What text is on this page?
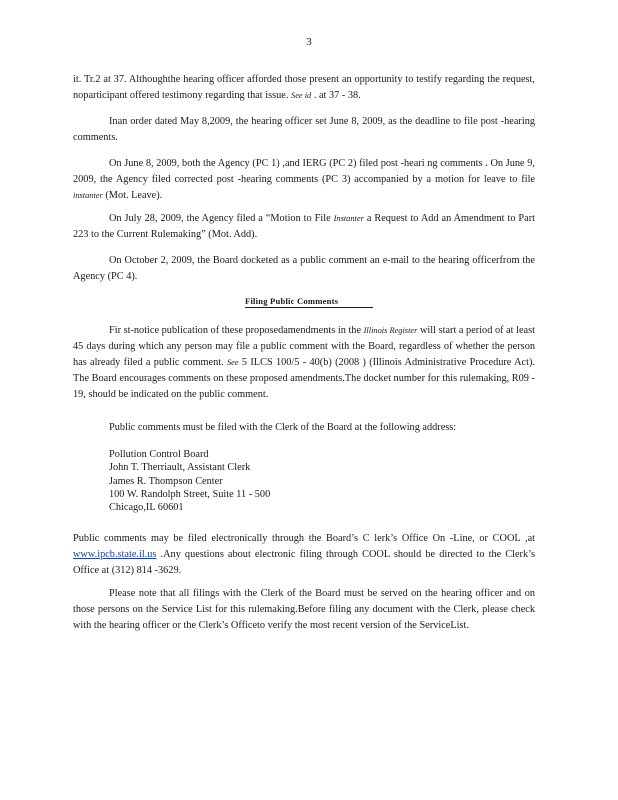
3

it. Tr.2 at 37. Althoughthe hearing officer afforded those present an opportunity to testify regarding the request, noparticipant offered testimony regarding that issue. See id . at 37 - 38.

Inan order dated May 8,2009, the hearing officer set June 8, 2009, as the deadline to file post -hearing comments.

On June 8, 2009, both the Agency (PC 1) ,and IERG (PC 2) filed post -heari ng comments . On June 9, 2009, the Agency filed corrected post -hearing comments (PC 3) accompanied by a motion for leave to file instanter (Mot. Leave).

On July 28, 2009, the Agency filed a “Motion to File Instanter a Request to Add an Amendment to Part 223 to the Current Rulemaking” (Mot. Add).

On October 2, 2009, the Board docketed as a public comment an e-mail to the hearing officerfrom the Agency (PC 4).

Filing Public Comments

Fir st-notice publication of these proposedamendments in the Illinois Register will start a period of at least 45 days during which any person may file a public comment with the Board, regardless of whether the person has already filed a public comment. See 5 ILCS 100/5 - 40(b) (2008 ) (Illinois Administrative Procedure Act). The Board encourages comments on these proposed amendments.The docket number for this rulemaking, R09 - 19, should be indicated on the public comment.

Public comments must be filed with the Clerk of the Board at the following address:

Pollution Control Board
John T. Therriault, Assistant Clerk
James R. Thompson Center
100 W. Randolph Street, Suite 11 - 500
Chicago,IL 60601

Public comments may be filed electronically through the Board’s C lerk’s Office On -Line, or COOL ,at www.ipcb.state.il.us .Any questions about electronic filing through COOL should be directed to the Clerk’s Office at (312) 814 -3629.

Please note that all filings with the Clerk of the Board must be served on the hearing officer and on those persons on the Service List for this rulemaking.Before filing any document with the Clerk, please check with the hearing officer or the Clerk’s Officeto verify the most recent version of the ServiceList.
